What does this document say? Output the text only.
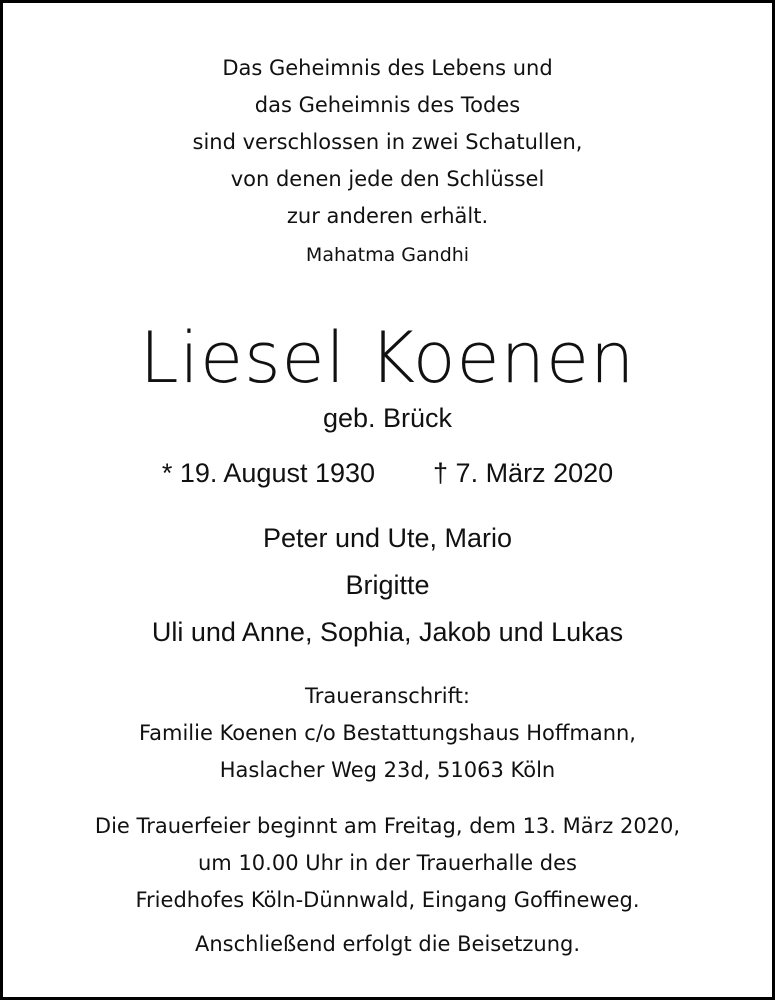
Das Geheimnis des Lebens und
das Geheimnis des Todes
sind verschlossen in zwei Schatullen,
von denen jede den Schlüssel
zur anderen erhält.
Mahatma Gandhi
Liesel Koenen
geb. Brück
* 19. August 1930 † 7. März 2020
Peter und Ute, Mario
Brigitte
Uli und Anne, Sophia, Jakob und Lukas
Traueranschrift:
Familie Koenen c/o Bestattungshaus Hoffmann,
Haslacher Weg 23d, 51063 Köln
Die Trauerfeier beginnt am Freitag, dem 13. März 2020,
um 10.00 Uhr in der Trauerhalle des
Friedhofes Köln-Dünnwald, Eingang Goffineweg.
Anschließend erfolgt die Beisetzung.
